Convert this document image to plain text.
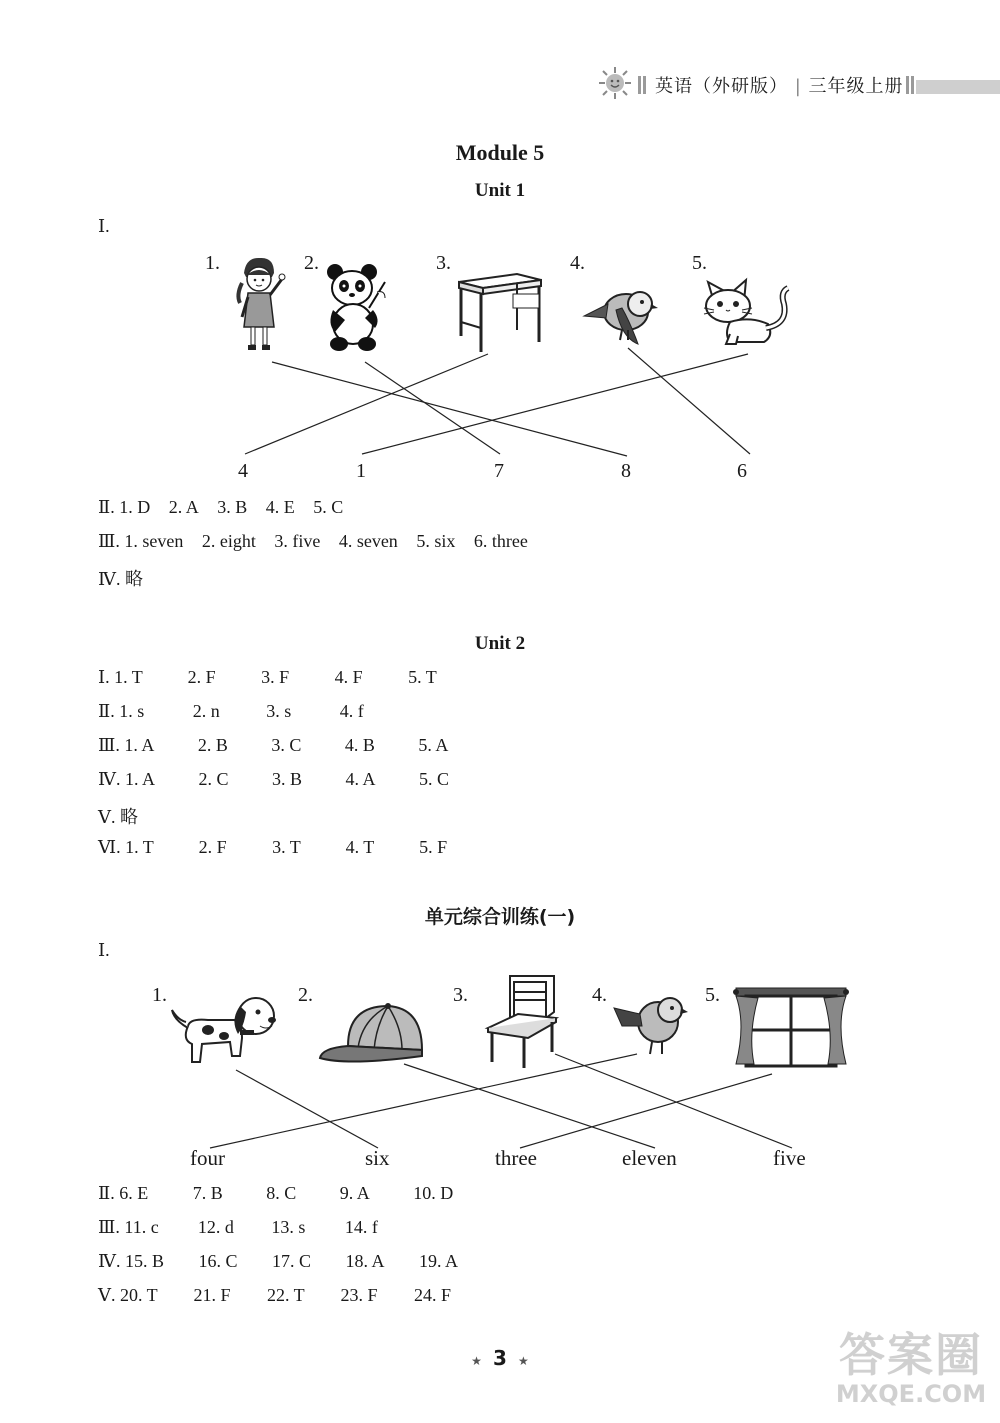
英语（外研版） | 三年级上册
Module 5
Unit 1
Ⅰ.
1.	2.	3.	4.	5.
4	1	7	8	6
Ⅱ. 1. D 2. A 3. B 4. E 5. C
Ⅲ. 1. seven 2. eight 3. five 4. seven 5. six 6. three
Ⅳ. 略
Unit 2
Ⅰ. 1. T 2. F	3. F	4. F	5. T
Ⅱ. 1. s	2. n	3. s	4. f
Ⅲ. 1. A 2. B 3. C 4. B 5. A
Ⅳ. 1. A 2. C 3. B 4. A 5. C
Ⅴ. 略
Ⅵ. 1. T 2. F	3. T 4. T 5. F
单元综合训练(一)
Ⅰ.
1.	2.	3.	4.	5.
four	six	three	eleven	five
Ⅱ. 6. E 7. B 8. C 9. A 10. D
Ⅲ. 11. c 12. d 13. s 14. f
Ⅳ. 15. B 16. C 17. C 18. A 19. A
Ⅴ. 20. T 21. F 22. T 23. F 24. F
★ 3 ★	答案圈
MXQE.COM
